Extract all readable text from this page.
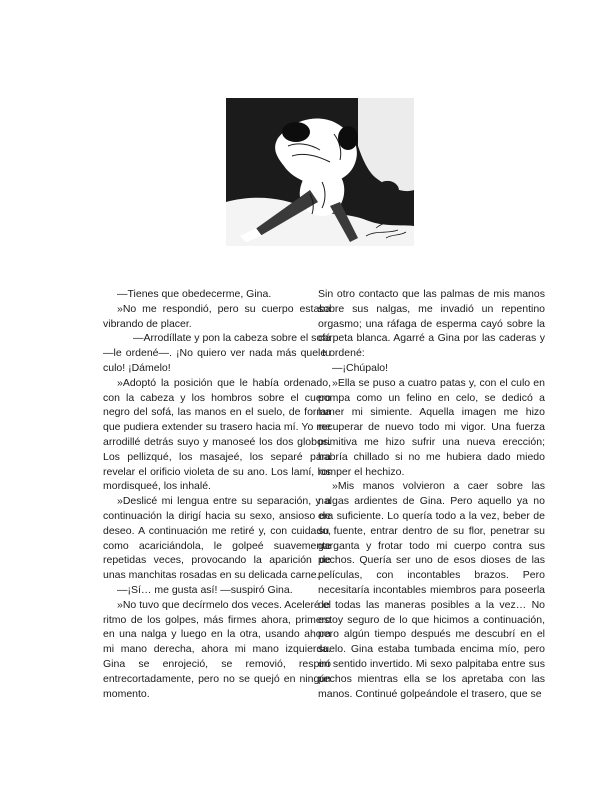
—Tienes que obedecerme, Gina.

»No me respondió, pero su cuerpo estaba vibrando de placer.

—Arrodíllate y pon la cabeza sobre el sofá —le ordené—. ¡No quiero ver nada más que tu culo! ¡Dámelo!

»Adoptó la posición que le había ordenado, con la cabeza y los hombros sobre el cuero negro del sofá, las manos en el suelo, de forma que pudiera extender su trasero hacia mí. Yo me arrodillé detrás suyo y manoseé los dos globos. Los pellizqué, los masajeé, los separé para revelar el orificio violeta de su ano. Los lamí, los mordisqueé, los inhalé.

»Deslicé mi lengua entre su separación, y a continuación la dirigí hacia su sexo, ansioso de deseo. A continuación me retiré y, con cuidado, como acariciándola, le golpeé suavemente repetidas veces, provocando la aparición de unas manchitas rosadas en su delicada carne.

—¡Sí… me gusta así! —suspiró Gina.

»No tuvo que decírmelo dos veces. Aceleré el ritmo de los golpes, más firmes ahora, primero en una nalga y luego en la otra, usando ahora mi mano derecha, ahora mi mano izquierda. Gina se enrojeció, se removió, respiró entrecortadamente, pero no se quejó en ningún momento.

Sin otro contacto que las palmas de mis manos sobre sus nalgas, me invadió un repentino orgasmo; una ráfaga de esperma cayó sobre la carpeta blanca. Agarré a Gina por las caderas y le ordené:

—¡Chúpalo!

»Ella se puso a cuatro patas y, con el culo en pompa como un felino en celo, se dedicó a lamer mi simiente. Aquella imagen me hizo recuperar de nuevo todo mi vigor. Una fuerza primitiva me hizo sufrir una nueva erección; habría chillado si no me hubiera dado miedo romper el hechizo.

»Mis manos volvieron a caer sobre las nalgas ardientes de Gina. Pero aquello ya no era suficiente. Lo quería todo a la vez, beber de su fuente, entrar dentro de su flor, penetrar su garganta y frotar todo mi cuerpo contra sus pechos. Quería ser uno de esos dioses de las películas, con incontables brazos. Pero necesitaría incontables miembros para poseerla de todas las maneras posibles a la vez… No estoy seguro de lo que hicimos a continuación, pero algún tiempo después me descubrí en el suelo. Gina estaba tumbada encima mío, pero en sentido invertido. Mi sexo palpitaba entre sus pechos mientras ella se los apretaba con las manos. Continué golpeándole el trasero, que se
